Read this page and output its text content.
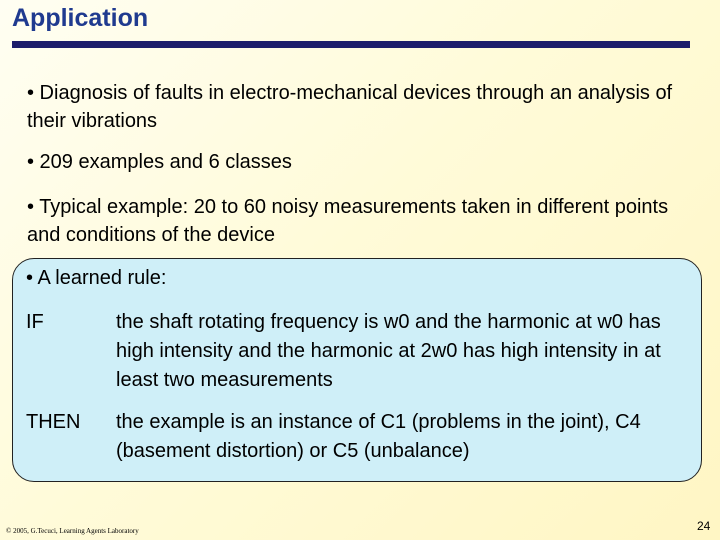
Application
• Diagnosis of faults in electro-mechanical devices through an analysis of their vibrations
• 209 examples and 6 classes
• Typical example: 20 to 60 noisy measurements taken in different points and conditions of the device
• A learned rule:
IF	the shaft rotating frequency is w0 and the harmonic at w0 has high intensity and the harmonic at 2w0 has high intensity in at least two measurements
THEN the example is an instance of C1 (problems in the joint), C4 (basement distortion) or C5 (unbalance)
© 2005, G.Tecuci, Learning Agents Laboratory	24
